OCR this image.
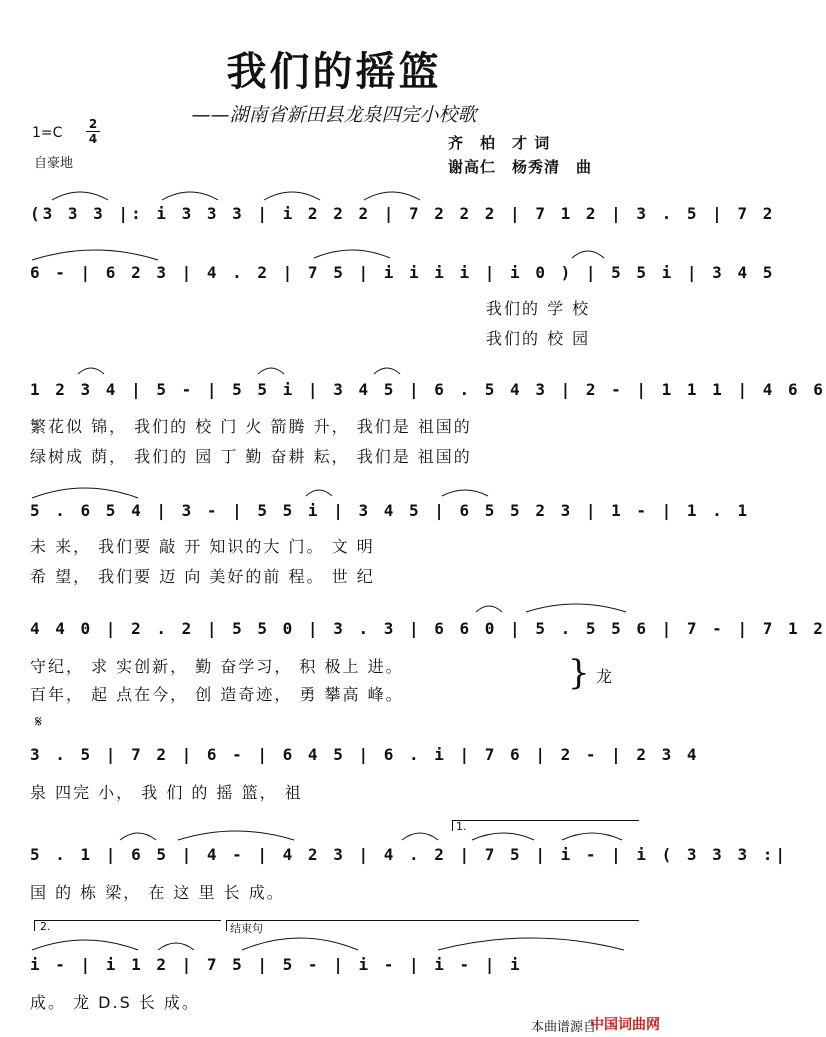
我们的摇篮
——湖南省新田县龙泉四完小校歌
1=C
2
4
自豪地
齐　柏　才 词
谢高仁　杨秀清　曲
(3 3 3 |: i 3 3 3 | i 2 2 2 | 7 2 2 2 | 7 1 2 | 3 . 5 | 7 2
6 - | 6 2 3 | 4 . 2 | 7 5 | i i i i | i 0 ) | 5 5 i | 3 4 5
我们的 学 校
我们的 校 园
1 2 3 4 | 5 - | 5 5 i | 3 4 5 | 6 . 5 4 3 | 2 - | 1 1 1 | 4 6 6
繁花似 锦， 我们的 校 门 火 箭腾 升， 我们是 祖国的
绿树成 荫， 我们的 园 丁 勤 奋耕 耘， 我们是 祖国的
5 . 6 5 4 | 3 - | 5 5 i | 3 4 5 | 6 5 5 2 3 | 1 - | 1 . 1
未 来， 我们要 敲 开 知识的大 门。 文 明
希 望， 我们要 迈 向 美好的前 程。 世 纪
4 4 0 | 2 . 2 | 5 5 0 | 3 . 3 | 6 6 0 | 5 . 5 5 6 | 7 - | 7 1 2
守纪， 求 实创新， 勤 奋学习， 积 极上 进。
百年， 起 点在今， 创 造奇迹， 勇 攀高 峰。
} 龙
𝄋
3 . 5 | 7 2 | 6 - | 6 4 5 | 6 . i | 7 6 | 2 - | 2 3 4
泉 四完 小， 我 们 的 摇 篮， 祖
1.
5 . 1 | 6 5 | 4 - | 4 2 3 | 4 . 2 | 7 5 | i - | i ( 3 3 3 :|
国 的 栋 梁， 在 这 里 长 成。
2.	结束句
i - | i 1 2 | 7 5 | 5 - | i - | i - | i
成。 龙 D.S 长 成。
本曲谱源自
中国词曲网
